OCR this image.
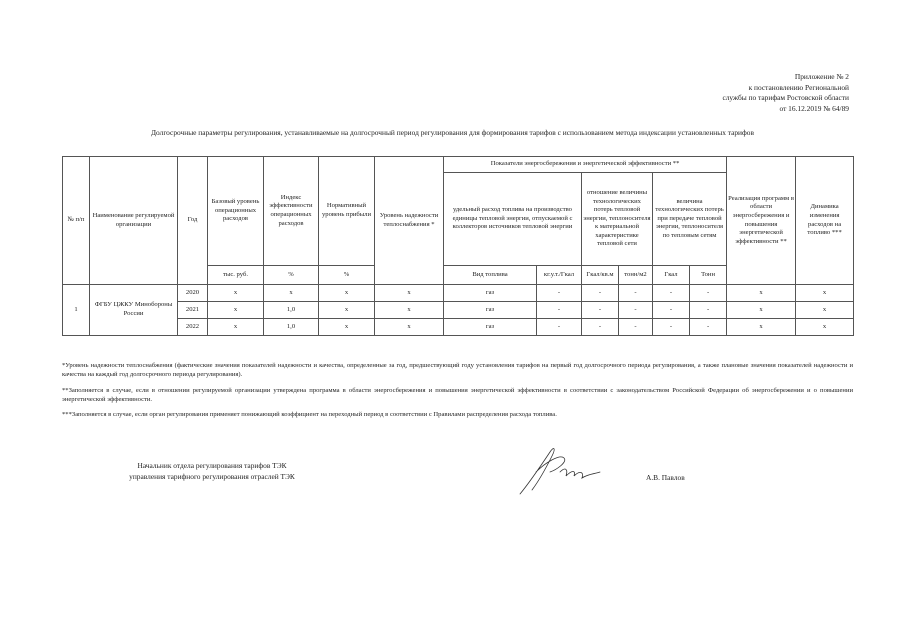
Приложение № 2
к постановлению Региональной
службы по тарифам Ростовской области
от 16.12.2019 № 64/89
Долгосрочные параметры регулирования, устанавливаемые на долгосрочный период регулирования для формирования тарифов с использованием метода индексации установленных тарифов
№ п/п	Наименование регулируемой организации	Год	Базовый уровень операционных расходов	Индекс эффективности операционных расходов	Нормативный уровень прибыли	Уровень надежности теплоснабжения *	Показатели энергосбережения и энергетической эффективности **						Реализация программ в области энергосбережения и повышения энергетической эффективности **	Динамика изменения расходов на топливо ***
							удельный расход топлива на производство единицы тепловой энергии, отпускаемой с коллекторов источников тепловой энергии		отношение величины технологических потерь тепловой энергии, теплоносителя к материальной характеристике тепловой сети		величина технологических потерь при передаче тепловой энергии, теплоносителя по тепловым сетям			
			тыс. руб.	%	%		Вид топлива	кг.у.т./Гкал	Гкал/кв.м	тонн/м2	Гкал	Тонн		
1	ФГБУ ЦЖКУ Минобороны России	2020	x	x	x	x	газ	-	-	-	-	-	x	x
		2021	x	1,0	x	x	газ	-	-	-	-	-	x	x
		2022	x	1,0	x	x	газ	-	-	-	-	-	x	x

*Уровень надежности теплоснабжения (фактические значения показателей надежности и качества, определенные за год, предшествующий году установления тарифов на первый год долгосрочного периода регулирования, а также плановые значения показателей надежности и качества на каждый год долгосрочного периода регулирования).

**Заполняется в случае, если в отношении регулируемой организации утверждена программа в области энергосбережения и повышения энергетической эффективности в соответствии с законодательством Российской Федерации об энергосбережении и о повышении энергетической эффективности.

***Заполняется в случае, если орган регулирования применяет понижающий коэффициент на переходный период в соответствии с Правилами распределения расхода топлива.

Начальник отдела регулирования тарифов ТЭК
управления тарифного регулирования отраслей ТЭК	А.В. Павлов
